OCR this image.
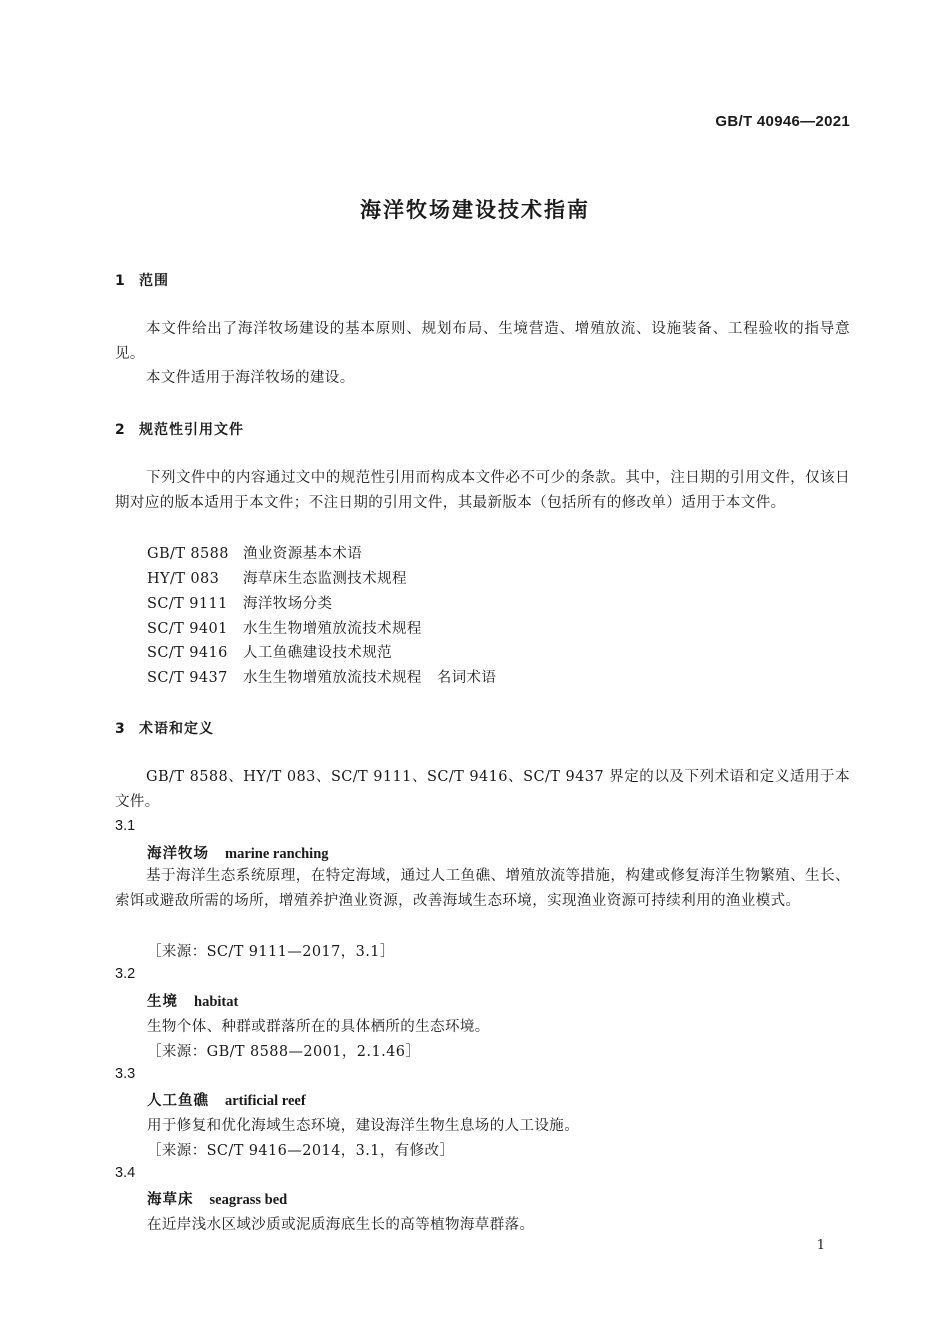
GB/T 40946—2021
海洋牧场建设技术指南
1 范围
本文件给出了海洋牧场建设的基本原则、规划布局、生境营造、增殖放流、设施装备、工程验收的指导意见。
本文件适用于海洋牧场的建设。
2 规范性引用文件
下列文件中的内容通过文中的规范性引用而构成本文件必不可少的条款。其中，注日期的引用文件，仅该日期对应的版本适用于本文件；不注日期的引用文件，其最新版本（包括所有的修改单）适用于本文件。
GB/T 8588 渔业资源基本术语
HY/T 083 海草床生态监测技术规程
SC/T 9111 海洋牧场分类
SC/T 9401 水生生物增殖放流技术规程
SC/T 9416 人工鱼礁建设技术规范
SC/T 9437 水生生物增殖放流技术规程　名词术语
3 术语和定义
GB/T 8588、HY/T 083、SC/T 9111、SC/T 9416、SC/T 9437 界定的以及下列术语和定义适用于本文件。
3.1
海洋牧场 marine ranching
基于海洋生态系统原理，在特定海域，通过人工鱼礁、增殖放流等措施，构建或修复海洋生物繁殖、生长、索饵或避敌所需的场所，增殖养护渔业资源，改善海域生态环境，实现渔业资源可持续利用的渔业模式。
［来源：SC/T 9111—2017，3.1］
3.2
生境 habitat
生物个体、种群或群落所在的具体栖所的生态环境。
［来源：GB/T 8588—2001，2.1.46］
3.3
人工鱼礁 artificial reef
用于修复和优化海域生态环境，建设海洋生物生息场的人工设施。
［来源：SC/T 9416—2014，3.1，有修改］
3.4
海草床 seagrass bed
在近岸浅水区域沙质或泥质海底生长的高等植物海草群落。
1
